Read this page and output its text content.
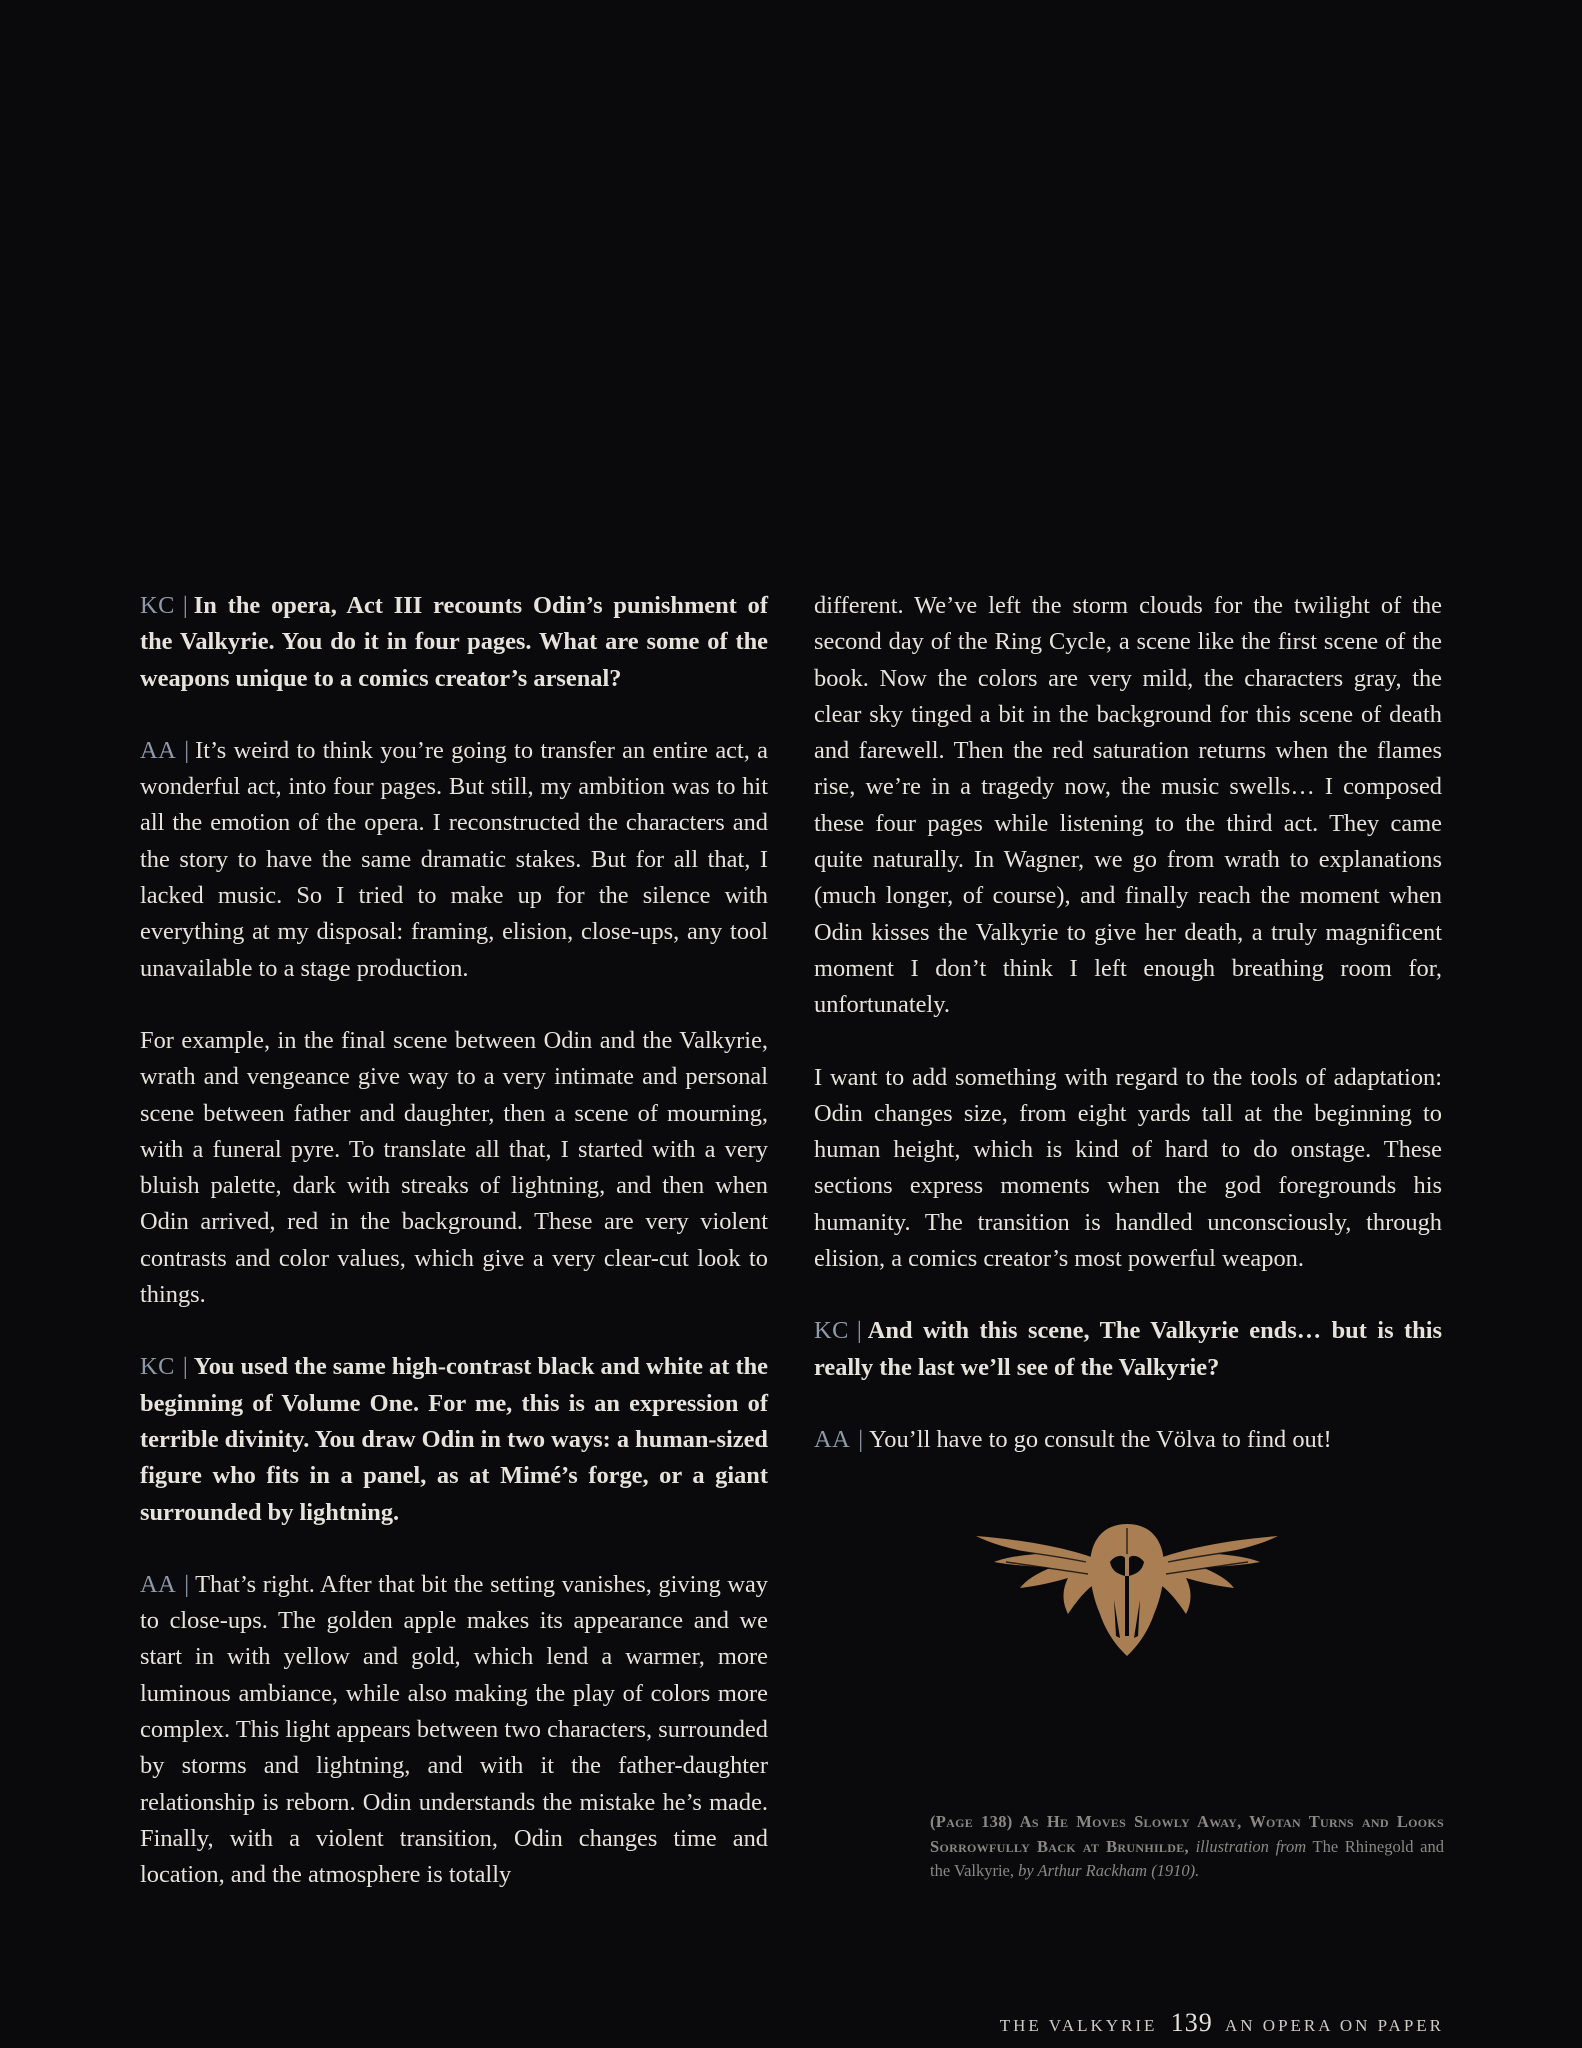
KC | In the opera, Act III recounts Odin’s punishment of the Valkyrie. You do it in four pages. What are some of the weapons unique to a comics creator’s arsenal?

AA | It’s weird to think you’re going to transfer an entire act, a wonderful act, into four pages. But still, my ambition was to hit all the emotion of the opera. I reconstructed the characters and the story to have the same dramatic stakes. But for all that, I lacked music. So I tried to make up for the silence with everything at my disposal: framing, elision, close-ups, any tool unavailable to a stage production.

For example, in the final scene between Odin and the Valkyrie, wrath and vengeance give way to a very intimate and personal scene between father and daughter, then a scene of mourning, with a funeral pyre. To translate all that, I started with a very bluish palette, dark with streaks of lightning, and then when Odin arrived, red in the background. These are very violent contrasts and color values, which give a very clear-cut look to things.

KC | You used the same high-contrast black and white at the beginning of Volume One. For me, this is an expression of terrible divinity. You draw Odin in two ways: a human-sized figure who fits in a panel, as at Mimé’s forge, or a giant surrounded by lightning.

AA | That’s right. After that bit the setting vanishes, giving way to close-ups. The golden apple makes its appearance and we start in with yellow and gold, which lend a warmer, more luminous ambiance, while also making the play of colors more complex. This light appears between two characters, surrounded by storms and lightning, and with it the father-daughter relationship is reborn. Odin understands the mistake he’s made. Finally, with a violent transition, Odin changes time and location, and the atmosphere is totally

different. We’ve left the storm clouds for the twilight of the second day of the Ring Cycle, a scene like the first scene of the book. Now the colors are very mild, the characters gray, the clear sky tinged a bit in the background for this scene of death and farewell. Then the red saturation returns when the flames rise, we’re in a tragedy now, the music swells… I composed these four pages while listening to the third act. They came quite naturally. In Wagner, we go from wrath to explanations (much longer, of course), and finally reach the moment when Odin kisses the Valkyrie to give her death, a truly magnificent moment I don’t think I left enough breathing room for, unfortunately.

I want to add something with regard to the tools of adaptation: Odin changes size, from eight yards tall at the beginning to human height, which is kind of hard to do onstage. These sections express moments when the god foregrounds his humanity. The transition is handled unconsciously, through elision, a comics creator’s most powerful weapon.

KC | And with this scene, The Valkyrie ends… but is this really the last we’ll see of the Valkyrie?

AA | You’ll have to go consult the Völva to find out!

(Page 138) As He Moves Slowly Away, Wotan Turns and Looks Sorrowfully Back at Brunhilde, illustration from The Rhinegold and the Valkyrie, by Arthur Rackham (1910).
THE VALKYRIE 139 AN OPERA ON PAPER
